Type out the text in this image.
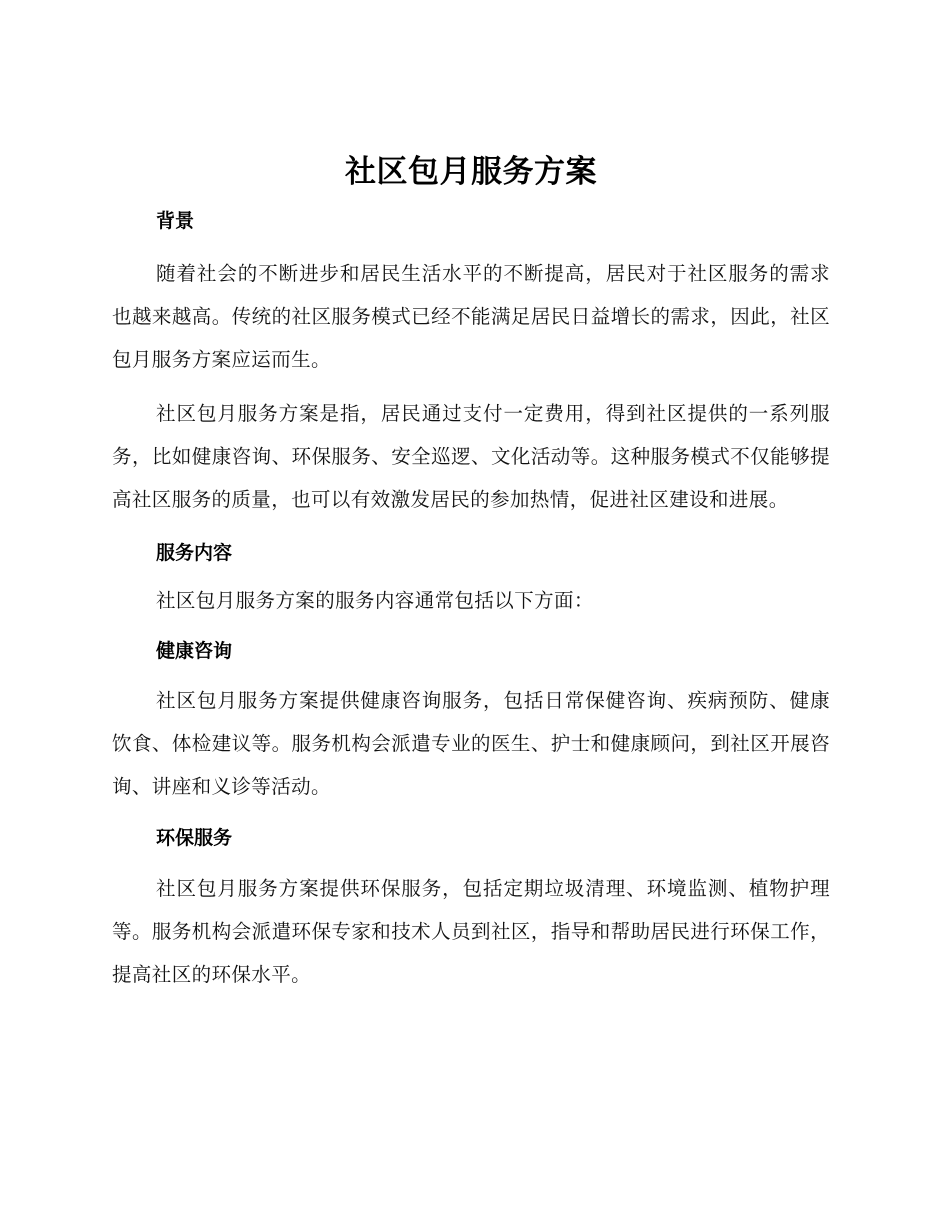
社区包月服务方案
背景

随着社会的不断进步和居民生活水平的不断提高，居民对于社区服务的需求也越来越高。传统的社区服务模式已经不能满足居民日益增长的需求，因此，社区包月服务方案应运而生。

社区包月服务方案是指，居民通过支付一定费用，得到社区提供的一系列服务，比如健康咨询、环保服务、安全巡逻、文化活动等。这种服务模式不仅能够提高社区服务的质量，也可以有效激发居民的参加热情，促进社区建设和进展。

服务内容

社区包月服务方案的服务内容通常包括以下方面：

健康咨询

社区包月服务方案提供健康咨询服务，包括日常保健咨询、疾病预防、健康饮食、体检建议等。服务机构会派遣专业的医生、护士和健康顾问，到社区开展咨询、讲座和义诊等活动。

环保服务

社区包月服务方案提供环保服务，包括定期垃圾清理、环境监测、植物护理等。服务机构会派遣环保专家和技术人员到社区，指导和帮助居民进行环保工作，提高社区的环保水平。
